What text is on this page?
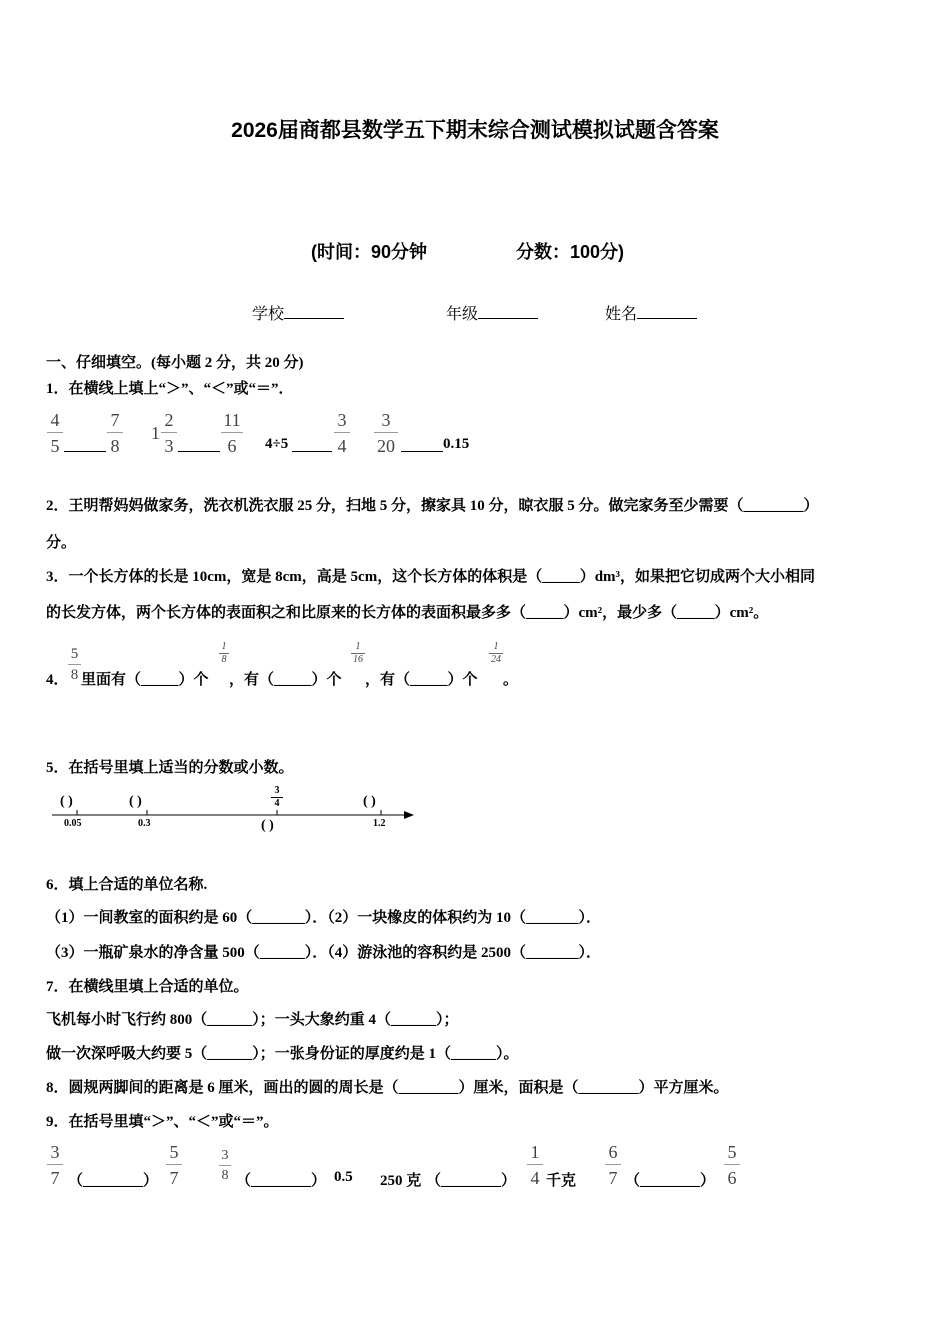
2026届商都县数学五下期末综合测试模拟试题含答案
(时间：90分钟	分数：100分)
学校	年级	姓名
一、仔细填空。(每小题 2 分，共 20 分)
1．在横线上填上“＞”、“＜”或“＝”．
4
5
7
8
1
2
3
11
6	4÷5
3
4
3
20	0.15
2．王明帮妈妈做家务，洗衣机洗衣服 25 分，扫地 5 分，擦家具 10 分，晾衣服 5 分。做完家务至少需要（________）
分。
3．一个长方体的长是 10cm，宽是 8cm，高是 5cm，这个长方体的体积是（_____）dm³，如果把它切成两个大小相同
的长发方体，两个长方体的表面积之和比原来的长方体的表面积最多多（_____）cm²，最少多（_____）cm²。
4．
5
8 里面有（_____）个
1
8
，有（_____）个
1
16
，有（_____）个
1
24
。
5．在括号里填上适当的分数或小数。
( )	( )	( )
( )
3
4
0.05	0.3	1.2
6．填上合适的单位名称.
（1）一间教室的面积约是 60（_______）．（2）一块橡皮的体积约为 10（_______）．
（3）一瓶矿泉水的净含量 500（______）．（4）游泳池的容积约是 2500（_______）．
7．在横线里填上合适的单位。
飞机每小时飞行约 800（______）；一头大象约重 4（______）；
做一次深呼吸大约要 5（______）；一张身份证的厚度约是 1（______）。
8．圆规两脚间的距离是 6 厘米，画出的圆的周长是（________）厘米，面积是（________）平方厘米。
9．在括号里填“＞”、“＜”或“＝”。
3
7 （________）
5
7
3
8 （________） 0.5 250 克 （________）
1
4 千克
6
7 （________）
5
6
